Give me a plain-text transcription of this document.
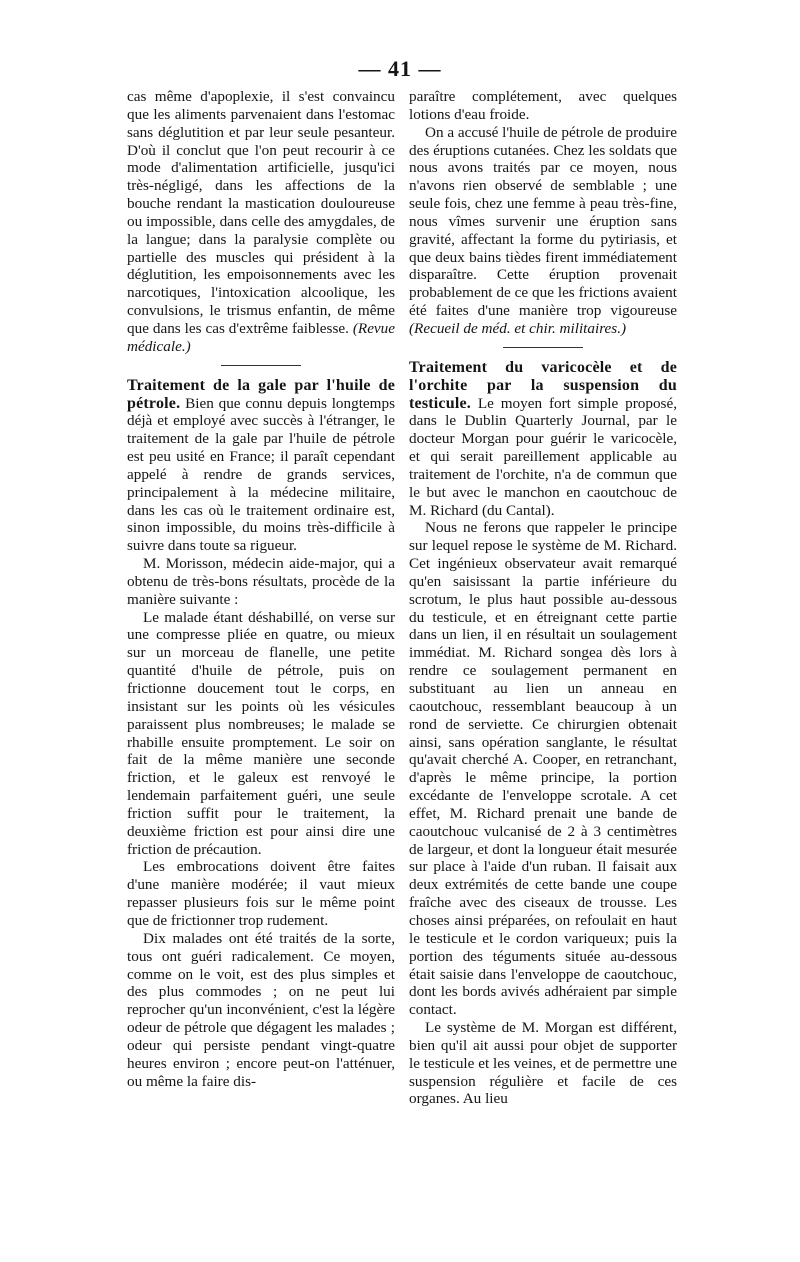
— 41 —

cas même d'apoplexie, il s'est convaincu que les aliments parvenaient dans l'estomac sans déglutition et par leur seule pesanteur. D'où il conclut que l'on peut recourir à ce mode d'alimentation artificielle, jusqu'ici très-négligé, dans les affections de la bouche rendant la mastication douloureuse ou impossible, dans celle des amygdales, de la langue; dans la paralysie complète ou partielle des muscles qui président à la déglutition, les empoisonnements avec les narcotiques, l'intoxication alcoolique, les convulsions, le trismus enfantin, de même que dans les cas d'extrême faiblesse. (Revue médicale.)

Traitement de la gale par l'huile de pétrole. Bien que connu depuis longtemps déjà et employé avec succès à l'étranger, le traitement de la gale par l'huile de pétrole est peu usité en France; il paraît cependant appelé à rendre de grands services, principalement à la médecine militaire, dans les cas où le traitement ordinaire est, sinon impossible, du moins très-difficile à suivre dans toute sa rigueur.

M. Morisson, médecin aide-major, qui a obtenu de très-bons résultats, procède de la manière suivante :

Le malade étant déshabillé, on verse sur une compresse pliée en quatre, ou mieux sur un morceau de flanelle, une petite quantité d'huile de pétrole, puis on frictionne doucement tout le corps, en insistant sur les points où les vésicules paraissent plus nombreuses; le malade se rhabille ensuite promptement. Le soir on fait de la même manière une seconde friction, et le galeux est renvoyé le lendemain parfaitement guéri, une seule friction suffit pour le traitement, la deuxième friction est pour ainsi dire une friction de précaution.

Les embrocations doivent être faites d'une manière modérée; il vaut mieux repasser plusieurs fois sur le même point que de frictionner trop rudement.

Dix malades ont été traités de la sorte, tous ont guéri radicalement. Ce moyen, comme on le voit, est des plus simples et des plus commodes ; on ne peut lui reprocher qu'un inconvénient, c'est la légère odeur de pétrole que dégagent les malades ; odeur qui persiste pendant vingt-quatre heures environ ; encore peut-on l'atténuer, ou même la faire dis-

paraître complétement, avec quelques lotions d'eau froide.

On a accusé l'huile de pétrole de produire des éruptions cutanées. Chez les soldats que nous avons traités par ce moyen, nous n'avons rien observé de semblable ; une seule fois, chez une femme à peau très-fine, nous vîmes survenir une éruption sans gravité, affectant la forme du pytiriasis, et que deux bains tièdes firent immédiatement disparaître. Cette éruption provenait probablement de ce que les frictions avaient été faites d'une manière trop vigoureuse (Recueil de méd. et chir. militaires.)

Traitement du varicocèle et de l'orchite par la suspension du testicule. Le moyen fort simple proposé, dans le Dublin Quarterly Journal, par le docteur Morgan pour guérir le varicocèle, et qui serait pareillement applicable au traitement de l'orchite, n'a de commun que le but avec le manchon en caoutchouc de M. Richard (du Cantal).

Nous ne ferons que rappeler le principe sur lequel repose le système de M. Richard. Cet ingénieux observateur avait remarqué qu'en saisissant la partie inférieure du scrotum, le plus haut possible au-dessous du testicule, et en étreignant cette partie dans un lien, il en résultait un soulagement immédiat. M. Richard songea dès lors à rendre ce soulagement permanent en substituant au lien un anneau en caoutchouc, ressemblant beaucoup à un rond de serviette. Ce chirurgien obtenait ainsi, sans opération sanglante, le résultat qu'avait cherché A. Cooper, en retranchant, d'après le même principe, la portion excédante de l'enveloppe scrotale. A cet effet, M. Richard prenait une bande de caoutchouc vulcanisé de 2 à 3 centimètres de largeur, et dont la longueur était mesurée sur place à l'aide d'un ruban. Il faisait aux deux extrémités de cette bande une coupe fraîche avec des ciseaux de trousse. Les choses ainsi préparées, on refoulait en haut le testicule et le cordon variqueux; puis la portion des téguments située au-dessous était saisie dans l'enveloppe de caoutchouc, dont les bords avivés adhéraient par simple contact.

Le système de M. Morgan est différent, bien qu'il ait aussi pour objet de supporter le testicule et les veines, et de permettre une suspension régulière et facile de ces organes. Au lieu
